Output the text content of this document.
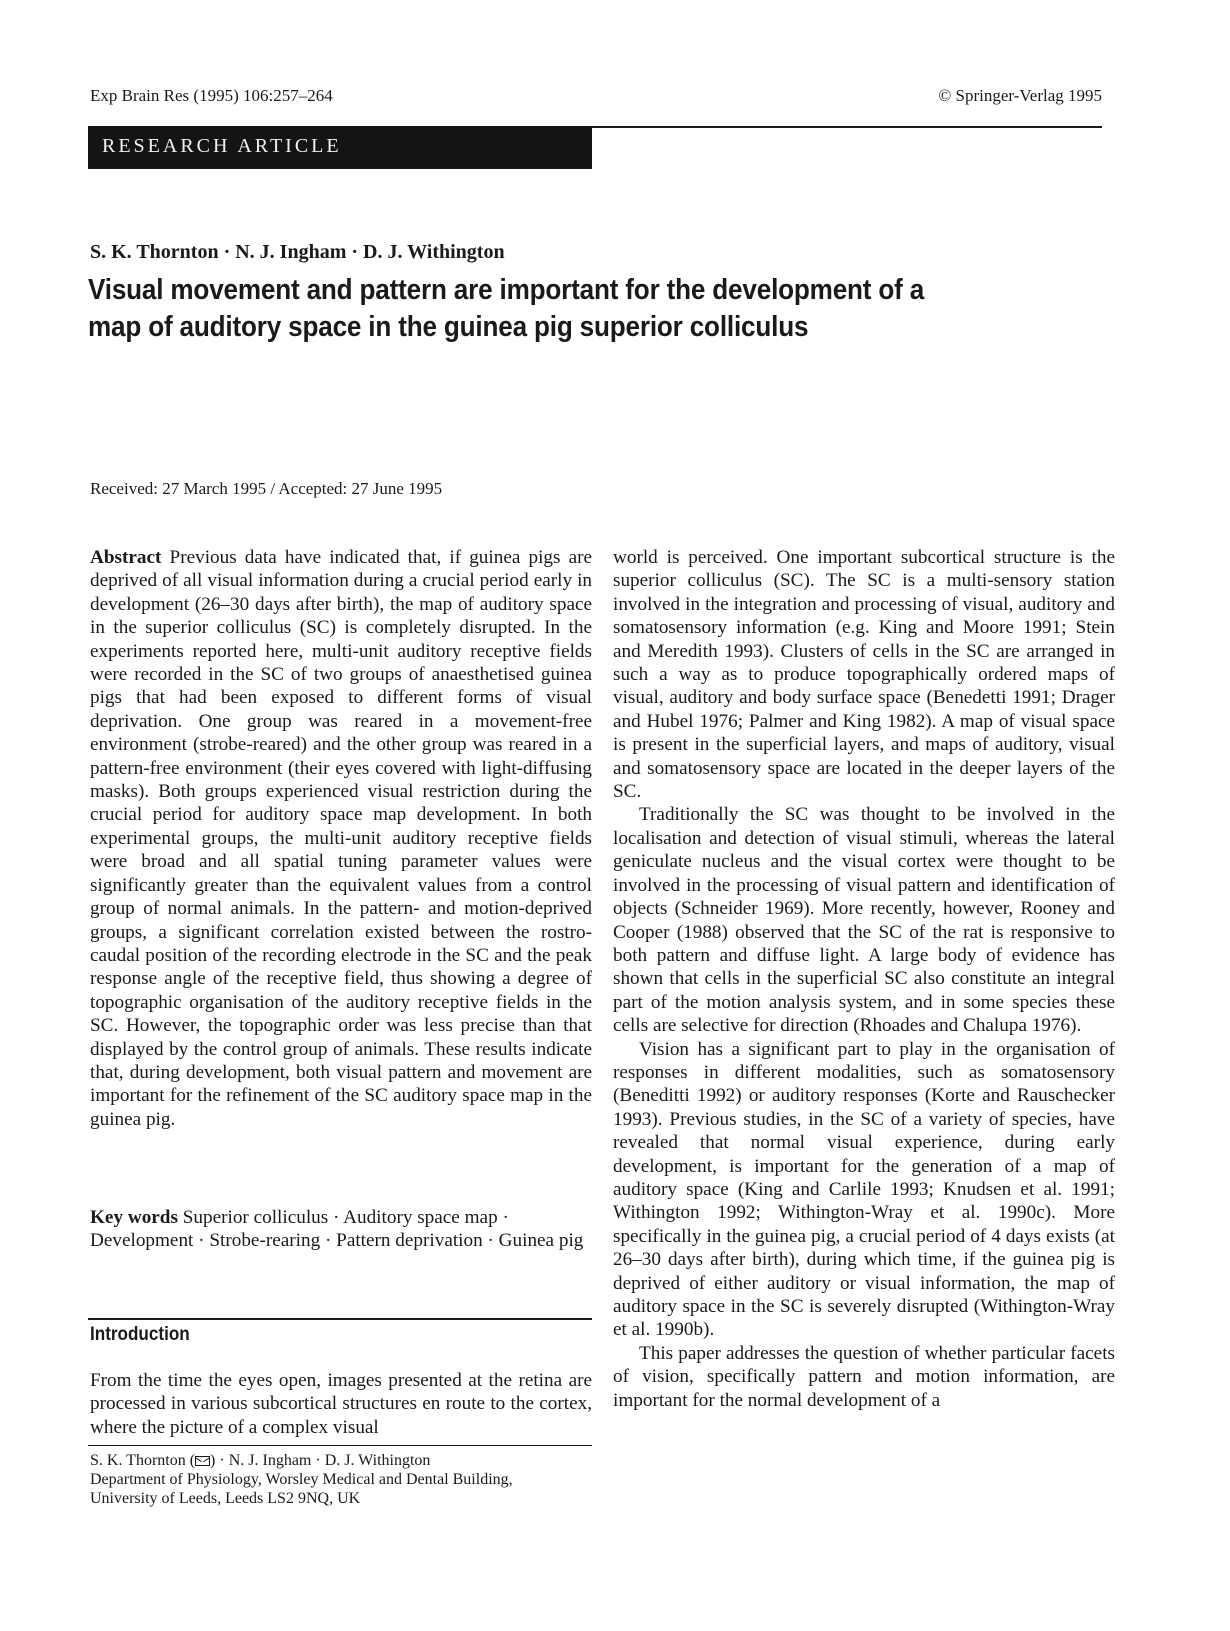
Exp Brain Res (1995) 106:257–264	© Springer-Verlag 1995
RESEARCH ARTICLE
S. K. Thornton · N. J. Ingham · D. J. Withington
Visual movement and pattern are important for the development of a map of auditory space in the guinea pig superior colliculus
Received: 27 March 1995 / Accepted: 27 June 1995

Abstract Previous data have indicated that, if guinea pigs are deprived of all visual information during a crucial period early in development (26–30 days after birth), the map of auditory space in the superior colliculus (SC) is completely disrupted. In the experiments reported here, multi-unit auditory receptive fields were recorded in the SC of two groups of anaesthetised guinea pigs that had been exposed to different forms of visual deprivation. One group was reared in a movement-free environment (strobe-reared) and the other group was reared in a pattern-free environment (their eyes covered with light-diffusing masks). Both groups experienced visual restriction during the crucial period for auditory space map development. In both experimental groups, the multi-unit auditory receptive fields were broad and all spatial tuning parameter values were significantly greater than the equivalent values from a control group of normal animals. In the pattern- and motion-deprived groups, a significant correlation existed between the rostro-caudal position of the recording electrode in the SC and the peak response angle of the receptive field, thus showing a degree of topographic organisation of the auditory receptive fields in the SC. However, the topographic order was less precise than that displayed by the control group of animals. These results indicate that, during development, both visual pattern and movement are important for the refinement of the SC auditory space map in the guinea pig.

Key words Superior colliculus · Auditory space map · Development · Strobe-rearing · Pattern deprivation · Guinea pig
Introduction

From the time the eyes open, images presented at the retina are processed in various subcortical structures en route to the cortex, where the picture of a complex visual

S. K. Thornton ( ) · N. J. Ingham · D. J. Withington
Department of Physiology, Worsley Medical and Dental Building,
University of Leeds, Leeds LS2 9NQ, UK

world is perceived. One important subcortical structure is the superior colliculus (SC). The SC is a multi-sensory station involved in the integration and processing of visual, auditory and somatosensory information (e.g. King and Moore 1991; Stein and Meredith 1993). Clusters of cells in the SC are arranged in such a way as to produce topographically ordered maps of visual, auditory and body surface space (Benedetti 1991; Drager and Hubel 1976; Palmer and King 1982). A map of visual space is present in the superficial layers, and maps of auditory, visual and somatosensory space are located in the deeper layers of the SC.

Traditionally the SC was thought to be involved in the localisation and detection of visual stimuli, whereas the lateral geniculate nucleus and the visual cortex were thought to be involved in the processing of visual pattern and identification of objects (Schneider 1969). More recently, however, Rooney and Cooper (1988) observed that the SC of the rat is responsive to both pattern and diffuse light. A large body of evidence has shown that cells in the superficial SC also constitute an integral part of the motion analysis system, and in some species these cells are selective for direction (Rhoades and Chalupa 1976).

Vision has a significant part to play in the organisation of responses in different modalities, such as somatosensory (Beneditti 1992) or auditory responses (Korte and Rauschecker 1993). Previous studies, in the SC of a variety of species, have revealed that normal visual experience, during early development, is important for the generation of a map of auditory space (King and Carlile 1993; Knudsen et al. 1991; Withington 1992; Withington-Wray et al. 1990c). More specifically in the guinea pig, a crucial period of 4 days exists (at 26–30 days after birth), during which time, if the guinea pig is deprived of either auditory or visual information, the map of auditory space in the SC is severely disrupted (Withington-Wray et al. 1990b).

This paper addresses the question of whether particular facets of vision, specifically pattern and motion information, are important for the normal development of a
